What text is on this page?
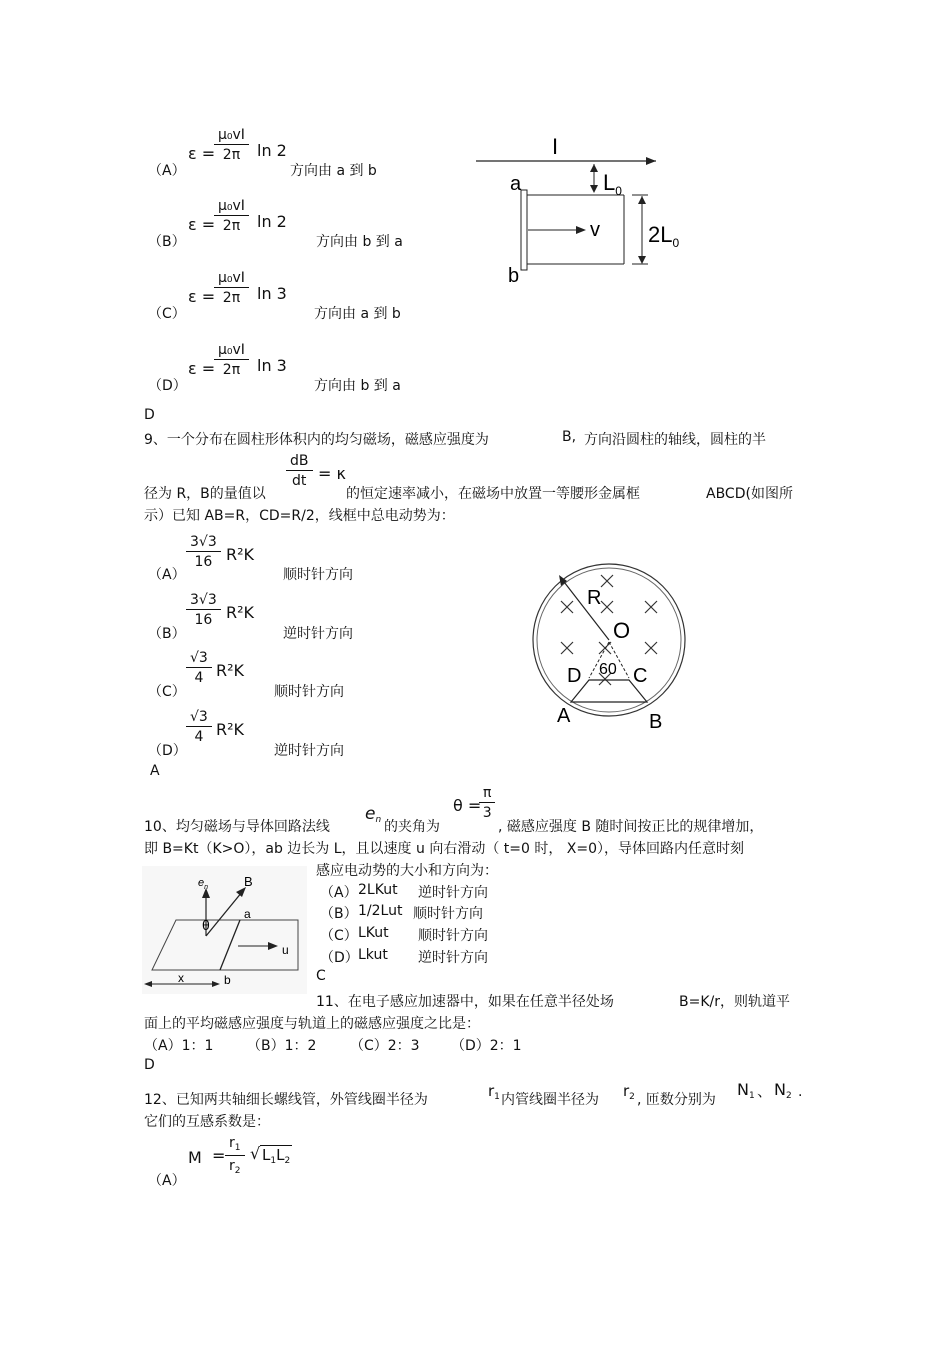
（A）
ε =
$\frac{\text{μ₀vI}}{2\pi}$ ln 2
方向由 a 到 b
（B）
ε =
$\frac{\text{μ₀vI}}{2\pi}$ ln 2
方向由 b 到 a
（C）
ε =
$\frac{\text{μ₀vI}}{2\pi}$ ln 3
方向由 a 到 b
（D）
ε =
$\frac{\text{μ₀vI}}{2\pi}$ ln 3
方向由 b 到 a
D
I
$L_0$
a
b
v $2L_0$
9、一个分布在圆柱形体积内的均匀磁场，磁感应强度为	B, 方向沿圆柱的轴线，圆柱的半
$\frac{dB}{dt} = \kappa$
径为 R，B的量值以	的恒定速率减小，在磁场中放置一等腰形金属框	ABCD(如图所
示）已知 AB=R，CD=R/2，线框中总电动势为：
（A）
$\frac{3√3}{16} R^2K$
顺时针方向
（B）
$\frac{3√3}{16} R^2K$
逆时针方向
（C）
$\frac{√3}{4} R^2K$
顺时针方向
（D）
$\frac{√3}{4} R^2K$
逆时针方向
A
R
O
60
D	C
A	B
θ =
$\frac{\pi}{3}$
10、均匀磁场与导体回路法线
$e_n$ 的夹角为	, 磁感应强度 B 随时间按正比的规律增加，
即 B=Kt（K>O），ab 边长为 L，且以速度 u 向右滑动（ t=0 时， X=0），导体回路内任意时刻
感应电动势的大小和方向为：
（A） 2LKut 逆时针方向
（B） 1/2Lut 顺时针方向
（C） LKut 顺时针方向
（D） Lkut 逆时针方向
C
$e_n$	B
θ
a
b
u
x
11、在电子感应加速器中，如果在任意半径处场	B=K/r，则轨道平
面上的平均磁感应强度与轨道上的磁感应强度之比是：
（A）1：1 （B）1：2 （C）2：3 （D）2：1
D
12、已知两共轴细长螺线管，外管线圈半径为	$r_1$ 内管线圈半径为 $r_2$ , 匝数分别为
$N_1$ 、 $N_2$ .
它们的互感系数是：
（A）
$M = \frac{r_1}{r_2}$ √ $L_1L_2$
